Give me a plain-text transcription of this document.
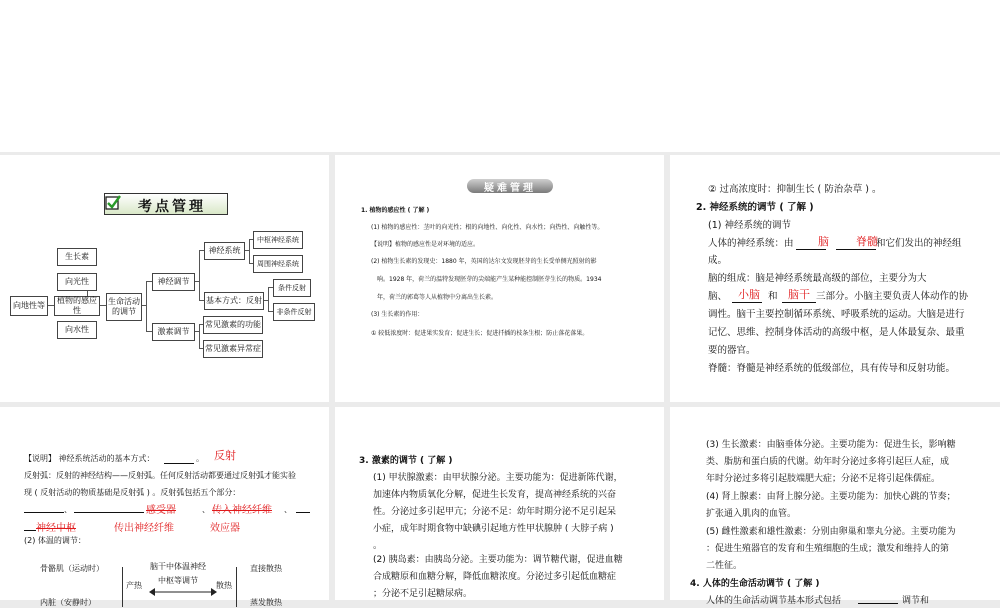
考点管理
向地性等
生长素
向光性
植物的感应性
向水性
生命活动
的调节
神经调节
激素调节
神经系统
中枢神经系统
周围神经系统
基本方式：反射
条件反射
非条件反射
常见激素的功能
常见激素异常症
疑难管理
1. 植物的感应性 ( 了解 )
(1) 植物的感应性：茎叶的向光性；根的向地性、向化性、向水性；向热性、向触性等。
【说明】植物的感应性是对环境的适应。
(2) 植物生长素的发现史：1880 年，英国的达尔文发现胚芽的生长受单侧光照射的影
响。1928 年，荷兰的温特发现胚芽的尖端能产生某种能控制胚芽生长的物质。1934
年，荷兰的郭葛等人从植物中分离出生长素。
(3) 生长素的作用：
① 较低浓度时：促进果实发育；促进生长；促进扦插的枝条生根；防止落花落果。
② 过高浓度时：抑制生长 ( 防治杂草 ) 。
2. 神经系统的调节 ( 了解 )
(1) 神经系统的调节
人体的神经系统：由 脑 脊髓
和它们发出的神经组
成。
脑的组成：脑是神经系统最高级的部位，主要分为大
脑、 小脑 和 脑干 三部分。小脑主要负责人体动作的协
调性。脑干主要控制循环系统、呼吸系统的运动。大脑是进行
记忆、思维、控制身体活动的高级中枢，是人体最复杂、最重
要的器官。
脊髓：脊髓是神经系统的低级部位，具有传导和反射功能。
【说明】 神经系统活动的基本方式：	。 反射
反射弧：反射的神经结构——反射弧。任何反射活动都要通过反射弧才能实验
现 ( 反射活动的物质基础是反射弧 ) 。反射弧包括五个部分：
、	感受器	、 传入神经纤维 、
神经中枢	传出神经纤维	效应器
(2) 体温的调节：
骨骼肌（运动时）
产热
脑干中体温神经
中枢等调节
散热
直接散热
内脏（安静时）	蒸发散热
3. 激素的调节 ( 了解 )
(1) 甲状腺激素：由甲状腺分泌。主要功能为：促进新陈代谢，
加速体内物质氧化分解，促进生长发育，提高神经系统的兴奋
性。分泌过多引起甲亢；分泌不足：幼年时期分泌不足引起呆
小症，成年时期食物中缺碘引起地方性甲状腺肿 ( 大脖子病 )
。
(2) 胰岛素：由胰岛分泌。主要功能为：调节糖代谢，促进血糖
合成糖原和血糖分解，降低血糖浓度。分泌过多引起低血糖症
；分泌不足引起糖尿病。
(3) 生长激素：由脑垂体分泌。主要功能为：促进生长，影响糖
类、脂肪和蛋白质的代谢。幼年时分泌过多将引起巨人症，成
年时分泌过多将引起肢端肥大症；分泌不足将引起侏儒症。
(4) 肾上腺素：由肾上腺分泌。主要功能为：加快心跳的节奏；
扩张通入肌肉的血管。
(5) 雌性激素和雄性激素：分别由卵巢和睾丸分泌。主要功能为
：促进生殖器官的发育和生殖细胞的生成；激发和维持人的第
二性征。
4. 人体的生命活动调节 ( 了解 )
人体的生命活动调节基本形式包括	调节和
